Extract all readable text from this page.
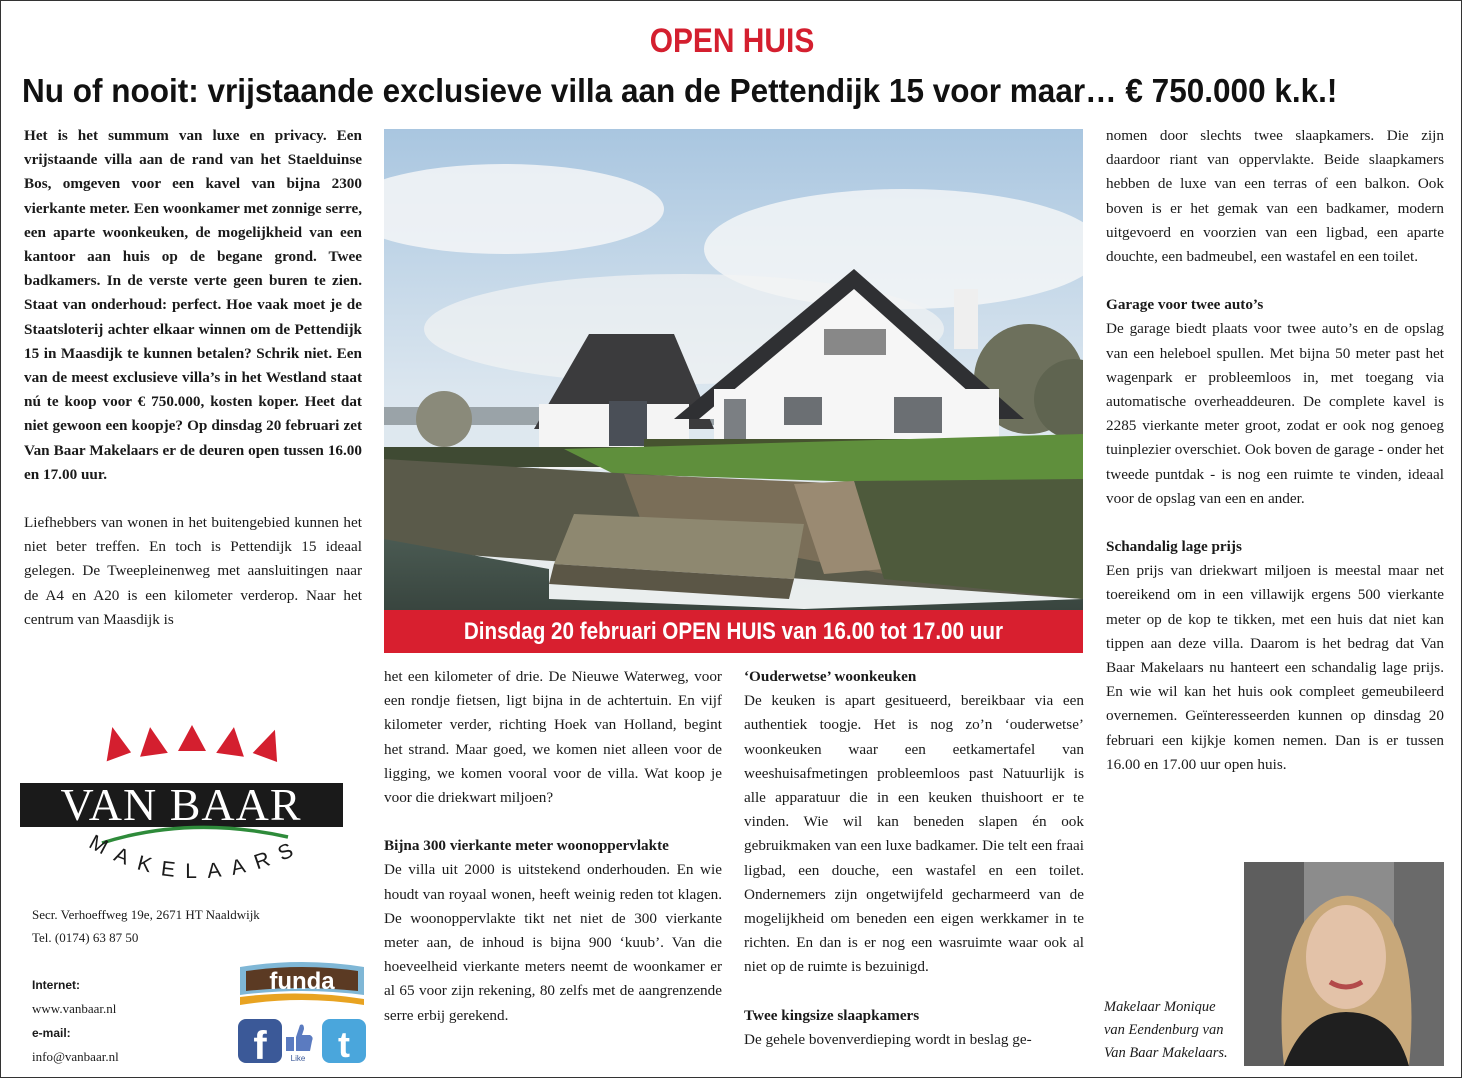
OPEN HUIS
Nu of nooit: vrijstaande exclusieve villa aan de Pettendijk 15 voor maar… € 750.000 k.k.!

Het is het summum van luxe en privacy. Een vrijstaande villa aan de rand van het Staelduinse Bos, omgeven voor een kavel van bijna 2300 vierkante meter. Een woonkamer met zonnige serre, een aparte woonkeuken, de mogelijkheid van een kantoor aan huis op de begane grond. Twee badkamers. In de verste verte geen buren te zien. Staat van onderhoud: perfect. Hoe vaak moet je de Staatsloterij achter elkaar winnen om de Pettendijk 15 in Maasdijk te kunnen betalen? Schrik niet. Een van de meest exclusieve villa’s in het Westland staat nú te koop voor € 750.000, kosten koper. Heet dat niet gewoon een koopje? Op dinsdag 20 februari zet Van Baar Makelaars er de deuren open tussen 16.00 en 17.00 uur.

Liefhebbers van wonen in het buitengebied kunnen het niet beter treffen. En toch is Pettendijk 15 ideaal gelegen. De Tweepleinenweg met aansluitingen naar de A4 en A20 is een kilometer verderop. Naar het centrum van Maasdijk is	Dinsdag 20 februari OPEN HUIS van 16.00 tot 17.00 uur

het een kilometer of drie. De Nieuwe Waterweg, voor een rondje fietsen, ligt bijna in de achtertuin. En vijf kilometer verder, richting Hoek van Holland, begint het strand. Maar goed, we komen niet alleen voor de ligging, we komen vooral voor de villa. Wat koop je voor die driekwart miljoen?

Bijna 300 vierkante meter woonoppervlakte

De villa uit 2000 is uitstekend onderhouden. En wie houdt van royaal wonen, heeft weinig reden tot klagen. De woonoppervlakte tikt net niet de 300 vierkante meter aan, de inhoud is bijna 900 ‘kuub’. Van die hoeveelheid vierkante meters neemt de woonkamer er al 65 voor zijn rekening, 80 zelfs met de aangrenzende serre erbij gerekend.

‘Ouderwetse’ woonkeuken

De keuken is apart gesitueerd, bereikbaar via een authentiek toogje. Het is nog zo’n ‘ouderwetse’ woonkeuken waar een eetkamertafel van weeshuisafmetingen probleemloos past Natuurlijk is alle apparatuur die in een keuken thuishoort er te vinden. Wie wil kan beneden slapen én ook gebruikmaken van een luxe badkamer. Die telt een fraai ligbad, een douche, een wastafel en een toilet. Ondernemers zijn ongetwijfeld gecharmeerd van de mogelijkheid om beneden een eigen werkkamer in te richten. En dan is er nog een wasruimte waar ook al niet op de ruimte is bezuinigd.

Twee kingsize slaapkamers

De gehele bovenverdieping wordt in beslag ge-

nomen door slechts twee slaapkamers. Die zijn daardoor riant van oppervlakte. Beide slaapkamers hebben de luxe van een terras of een balkon. Ook boven is er het gemak van een badkamer, modern uitgevoerd en voorzien van een ligbad, een aparte douchte, een badmeubel, een wastafel en een toilet.

Garage voor twee auto’s

De garage biedt plaats voor twee auto’s en de opslag van een heleboel spullen. Met bijna 50 meter past het wagenpark er probleemloos in, met toegang via automatische overheaddeuren. De complete kavel is 2285 vierkante meter groot, zodat er ook nog genoeg tuinplezier overschiet. Ook boven de garage - onder het tweede puntdak - is nog een ruimte te vinden, ideaal voor de opslag van een en ander.

Schandalig lage prijs

Een prijs van driekwart miljoen is meestal maar net toereikend om in een villawijk ergens 500 vierkante meter op de kop te tikken, met een huis dat niet kan tippen aan deze villa. Daarom is het bedrag dat Van Baar Makelaars nu hanteert een schandalig lage prijs. En wie wil kan het huis ook compleet gemeubileerd overnemen. Geïnteresseerden kunnen op dinsdag 20 februari een kijkje komen nemen. Dan is er tussen 16.00 en 17.00 uur open huis.

VAN BAAR
MAKELAARS
Secr. Verhoeffweg 19e, 2671 HT Naaldwijk
Tel. (0174) 63 87 50
Internet:
www.vanbaar.nl
e-mail:
info@vanbaar.nl
funda
f	Like t
Makelaar Monique
van Eendenburg van
Van Baar Makelaars.
